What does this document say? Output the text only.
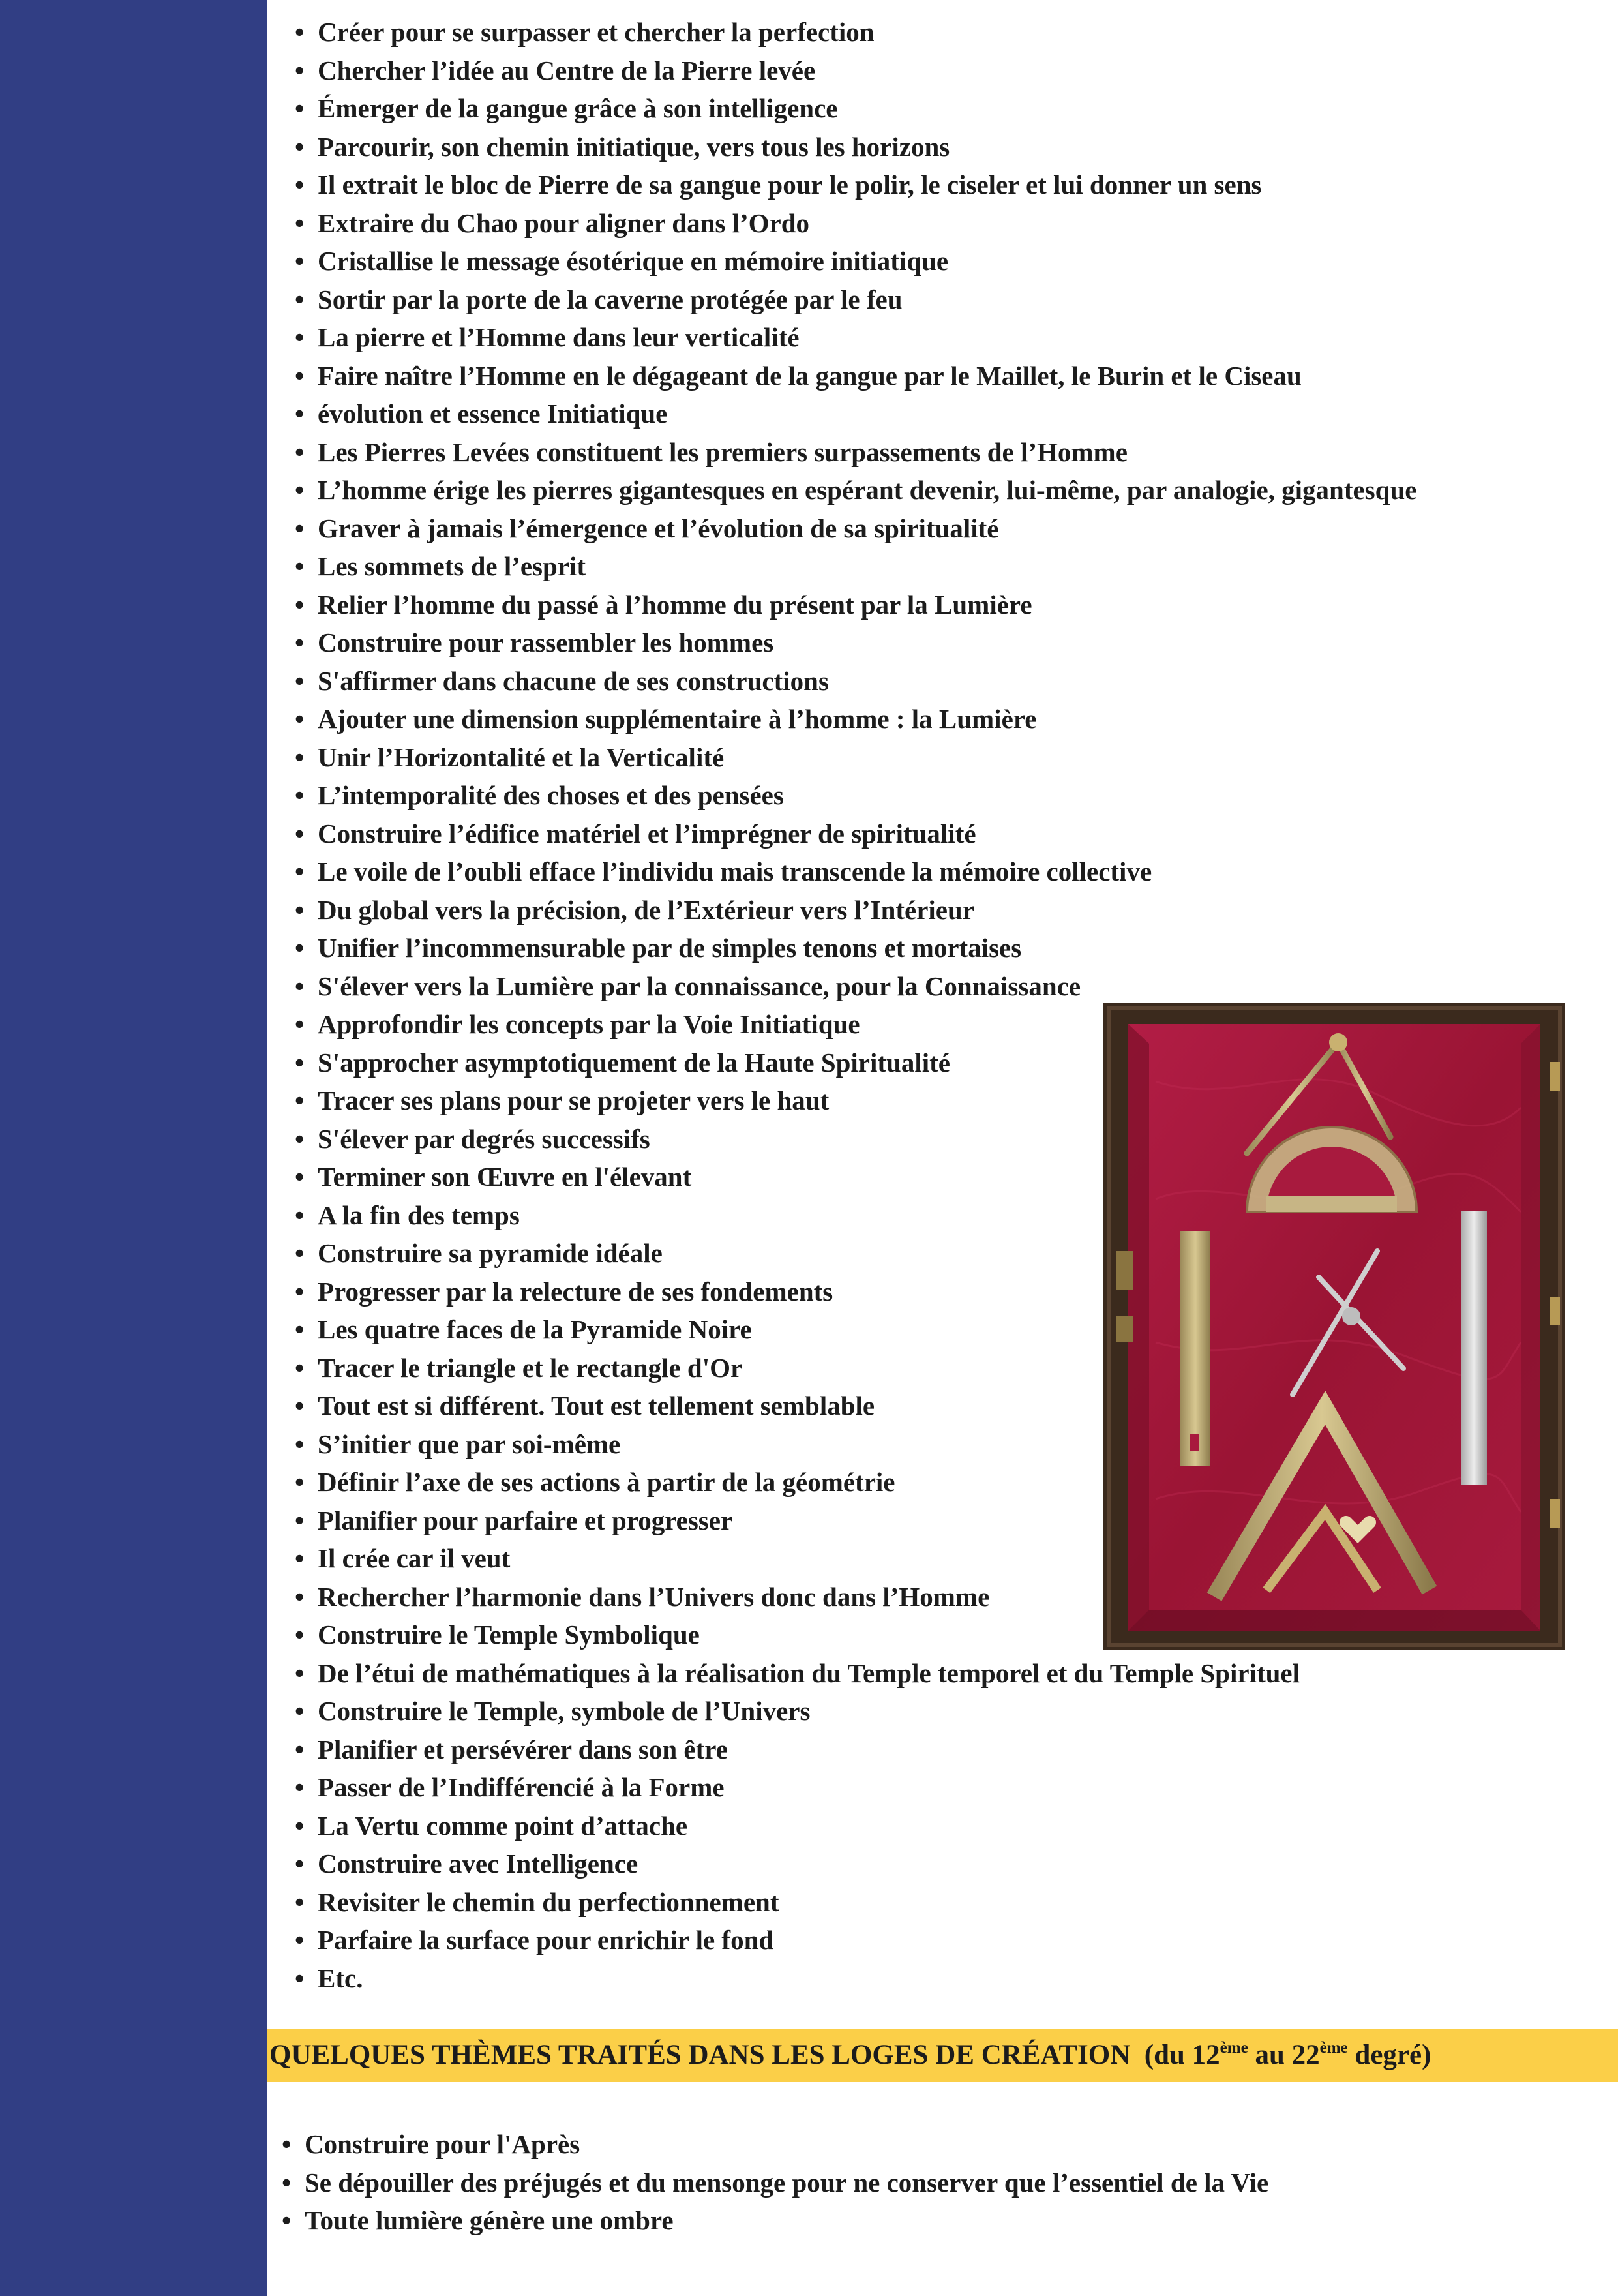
• Créer pour se surpasser et chercher la perfection
• Chercher l’idée au Centre de la Pierre levée
• Émerger de la gangue grâce à son intelligence
• Parcourir, son chemin initiatique, vers tous les horizons
• Il extrait le bloc de Pierre de sa gangue pour le polir, le ciseler et lui donner un sens
• Extraire du Chao pour aligner dans l’Ordo
• Cristallise le message ésotérique en mémoire initiatique
• Sortir par la porte de la caverne protégée par le feu
• La pierre et l’Homme dans leur verticalité
• Faire naître l’Homme en le dégageant de la gangue par le Maillet, le Burin et le Ciseau
• évolution et essence Initiatique
• Les Pierres Levées constituent les premiers surpassements de l’Homme
• L’homme érige les pierres gigantesques en espérant devenir, lui-même, par analogie, gigantesque
• Graver à jamais l’émergence et l’évolution de sa spiritualité
• Les sommets de l’esprit
• Relier l’homme du passé à l’homme du présent par la Lumière
• Construire pour rassembler les hommes
• S'affirmer dans chacune de ses constructions
• Ajouter une dimension supplémentaire à l’homme : la Lumière
• Unir l’Horizontalité et la Verticalité
• L’intemporalité des choses et des pensées
• Construire l’édifice matériel et l’imprégner de spiritualité
• Le voile de l’oubli efface l’individu mais transcende la mémoire collective
• Du global vers la précision, de l’Extérieur vers l’Intérieur
• Unifier l’incommensurable par de simples tenons et mortaises
• S'élever vers la Lumière par la connaissance, pour la Connaissance
• Approfondir les concepts par la Voie Initiatique
• S'approcher asymptotiquement de la Haute Spiritualité
• Tracer ses plans pour se projeter vers le haut
• S'élever par degrés successifs
• Terminer son Œuvre en l'élevant
• A la fin des temps
• Construire sa pyramide idéale
• Progresser par la relecture de ses fondements
• Les quatre faces de la Pyramide Noire
• Tracer le triangle et le rectangle d'Or
• Tout est si différent. Tout est tellement semblable
• S’initier que par soi-même
• Définir l’axe de ses actions à partir de la géométrie
• Planifier pour parfaire et progresser
• Il crée car il veut
• Rechercher l’harmonie dans l’Univers donc dans l’Homme
• Construire le Temple Symbolique
• De l’étui de mathématiques à la réalisation du Temple temporel et du Temple Spirituel
• Construire le Temple, symbole de l’Univers
• Planifier et persévérer dans son être
• Passer de l’Indifférencié à la Forme
• La Vertu comme point d’attache
• Construire avec Intelligence
• Revisiter le chemin du perfectionnement
• Parfaire la surface pour enrichir le fond
• Etc.
QUELQUES THÈMES TRAITÉS DANS LES LOGES DE CRÉATION (du 12ème au 22ème degré)
• Construire pour l'Après
• Se dépouiller des préjugés et du mensonge pour ne conserver que l’essentiel de la Vie
• Toute lumière génère une ombre
